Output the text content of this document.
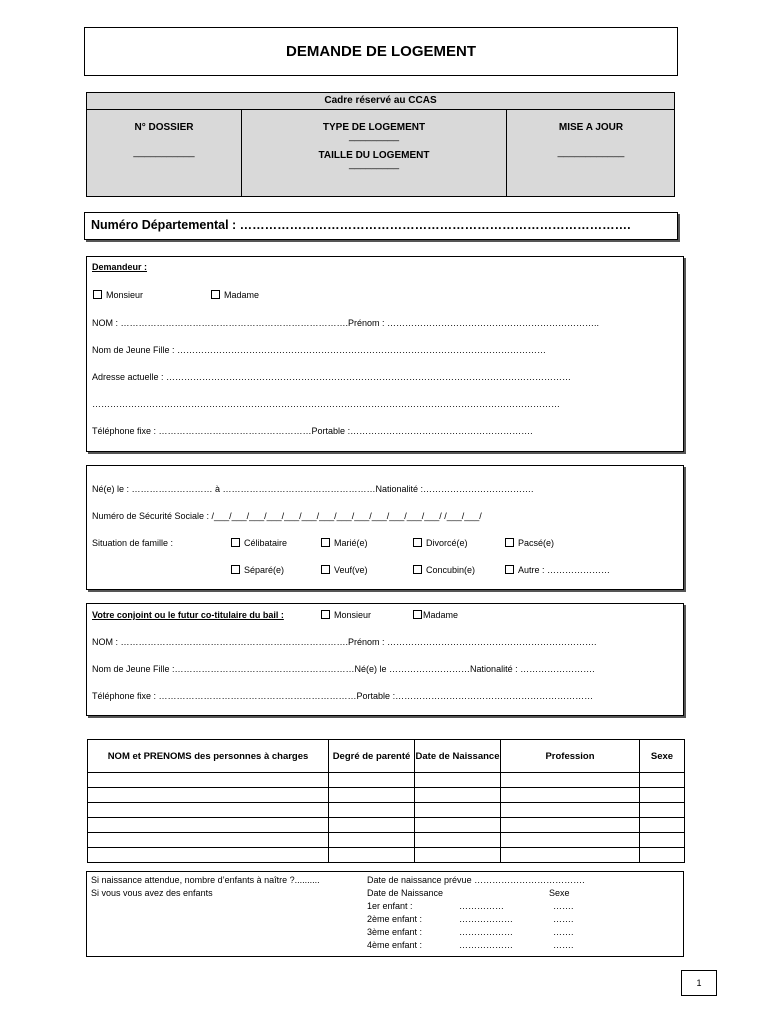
DEMANDE DE LOGEMENT
Cadre réservé au CCAS
N° DOSSIER
___________
TYPE DE LOGEMENT
_________
TAILLE DU LOGEMENT
_________
MISE A JOUR
____________
Numéro Départemental : ………………………………………………………………………………….
Demandeur :
Monsieur	Madame
NOM : ………………………………………………………………….Prénom : ……………………………………………………………..
Nom de Jeune Fille : ……………………………………………………………………………………………………………
Adresse actuelle : ………………………………………………………………………………………………………………………
…………………………………………………………………………………………………………………………………………
Téléphone fixe : ……………………………………………Portable :…………………………………………………….
Né(e) le : ……………………… à ……………………………………………Nationalité :……………………………….
Numéro de Sécurité Sociale : /___/___/___/___/___/___/___/___/___/___/___/___/___/ /___/___/
Situation de famille :	Célibataire	Marié(e)	Divorcé(e)	Pacsé(e)
Séparé(e)	Veuf(ve)	Concubin(e)	Autre : …………………
Votre conjoint ou le futur co-titulaire du bail :	Monsieur	Madame
NOM : ………………………………………………………………….Prénom : …………………………………………………………….
Nom de Jeune Fille :……………………………………………………Né(e) le ………………………Nationalité : …………………….
Téléphone fixe : …………………………………………………………Portable :…………………………………………………………
NOM et PRENOMS des personnes à charges	Degré de parenté	Date de Naissance	Profession	Sexe

Si naissance attendue, nombre d’enfants à naître ?..........	Date de naissance prévue ……………………………….
Si vous vous avez des enfants	Date de Naissance	Sexe
1er enfant :	……………	…….
2ème enfant :	………………	…….
3ème enfant :	………………	…….
4ème enfant :	………………	…….
1
